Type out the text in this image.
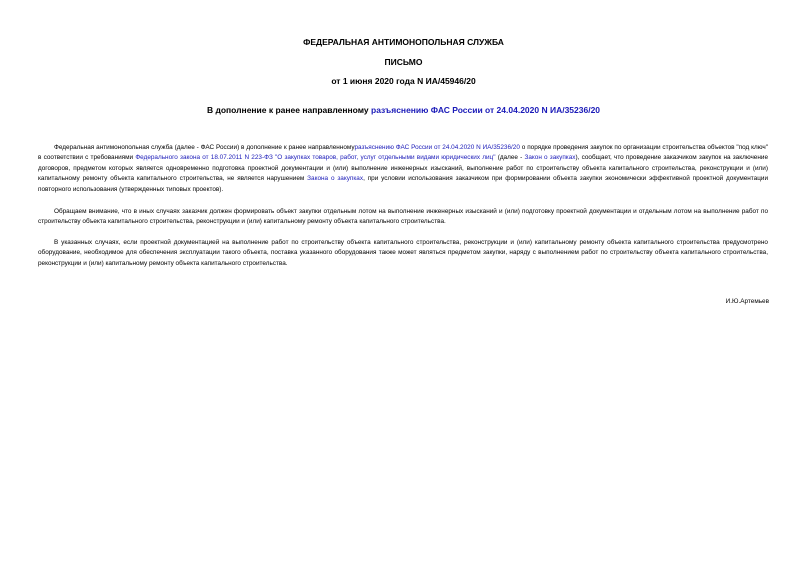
ФЕДЕРАЛЬНАЯ АНТИМОНОПОЛЬНАЯ СЛУЖБА
ПИСЬМО
от 1 июня 2020 года N ИА/45946/20
В дополнение к ранее направленному разъяснению ФАС России от 24.04.2020 N ИА/35236/20

Федеральная антимонопольная служба (далее - ФАС России) в дополнение к ранее направленномуразъяснению ФАС России от 24.04.2020 N ИА/35236/20 о порядке проведения закупок по организации строительства объектов "под ключ" в соответствии с требованиями Федерального закона от 18.07.2011 N 223-ФЗ "О закупках товаров, работ, услуг отдельными видами юридических лиц" (далее - Закон о закупках), сообщает, что проведение заказчиком закупок на заключение договоров, предметом которых является одновременно подготовка проектной документации и (или) выполнение инженерных изысканий, выполнение работ по строительству объекта капитального строительства, реконструкции и (или) капитальному ремонту объекта капитального строительства, не является нарушением Закона о закупках, при условии использования заказчиком при формировании объекта закупки экономически эффективной проектной документации повторного использования (утвержденных типовых проектов).

Обращаем внимание, что в иных случаях заказчик должен формировать объект закупки отдельным лотом на выполнение инженерных изысканий и (или) подготовку проектной документации и отдельным лотом на выполнение работ по строительству объекта капитального строительства, реконструкции и (или) капитальному ремонту объекта капитального строительства.

В указанных случаях, если проектной документацией на выполнение работ по строительству объекта капитального строительства, реконструкции и (или) капитальному ремонту объекта капитального строительства предусмотрено оборудование, необходимое для обеспечения эксплуатации такого объекта, поставка указанного оборудования также может являться предметом закупки, наряду с выполнением работ по строительству объекта капитального строительства, реконструкции и (или) капитальному ремонту объекта капитального строительства.

И.Ю.Артемьев
